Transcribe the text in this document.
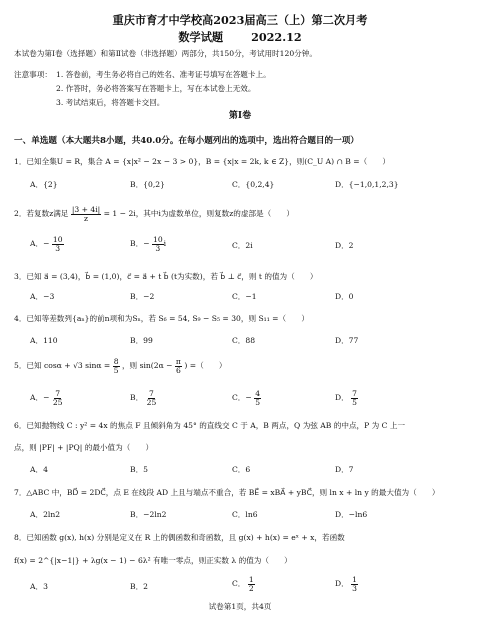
重庆市育才中学校高2023届高三（上）第二次月考
数学试题	2022.12
本试卷为第Ⅰ卷（选择题）和第Ⅱ试卷（非选择题）两部分，共150分，考试用时120分钟。
注意事项： 1. 答卷前，考生务必将自己的姓名、准考证号填写在答题卡上。
2. 作答时，务必将答案写在答题卡上，写在本试卷上无效。
3. 考试结束后，将答题卡交回。
第Ⅰ卷
一、单选题（本大题共8小题，共40.0分。在每小题列出的选项中，选出符合题目的一项）
1．已知全集U = R，集合 A = {x|x² − 2x − 3 > 0}，B = {x|x = 2k, k ∈ Z}，则(C_U A) ∩ B =（　　）
A．{2}	B．{0,2}	C．{0,2,4}	D．{−1,0,1,2,3}
2．若复数z满足 $\frac{|3 + 4i|}{z} = 1 - 2i$，其中i为虚数单位，则复数z的虚部是（　　）
A．− $\frac{10}{3}$	B．− $\frac{10}{3}$ i	C．2i	D．2
3．已知 a⃗ = (3,4)，b⃗ = (1,0)，c⃗ = a⃗ + t b⃗ (t为实数)，若 b⃗ ⊥ c⃗，则 t 的值为（　　）
A．−3	B．−2	C．−1	D．0
4．已知等差数列{aₙ}的前n项和为Sₙ，若 S₆ = 54, S₉ − S₅ = 30，则 S₁₁ =（　　）
A．110	B．99	C．88	D．77
5．已知 cosα + √3 $\sin\alpha = \frac{8}{5}$ ，则 $\sin(2\alpha - \frac{\pi}{6}$ ) =（　　）
A．− $\frac{7}{25}$	B． $\frac{7}{25}$	C．− $\frac{4}{5}$	D． $\frac{7}{5}$
6．已知抛物线 C : y² = 4x 的焦点 F 且倾斜角为 45° 的直线交 C 于 A，B 两点，Q 为弦 AB 的中点，P 为 C 上一
点，则 |PF| + |PQ| 的最小值为（　　）
A．4	B．5	C．6	D．7
7．△ABC 中，BD⃗ = 2DC⃗，点 E 在线段 AD 上且与端点不重合，若 BE⃗ = xBA⃗ + yBC⃗，则 ln x + ln y 的最大值为（　　）
A．2ln2	B．−2ln2	C．ln6	D．−ln6
8．已知函数 g(x), h(x) 分别是定义在 R 上的偶函数和奇函数，且 g(x) + h(x) = eˣ + x，若函数
f(x) = 2^{|x−1|} + λg(x − 1) − 6λ² 有唯一零点，则正实数 λ 的值为（　　）
A．3	B．2	C． $\frac{1}{2}$	D． $\frac{1}{3}$
试卷第1页，共4页
